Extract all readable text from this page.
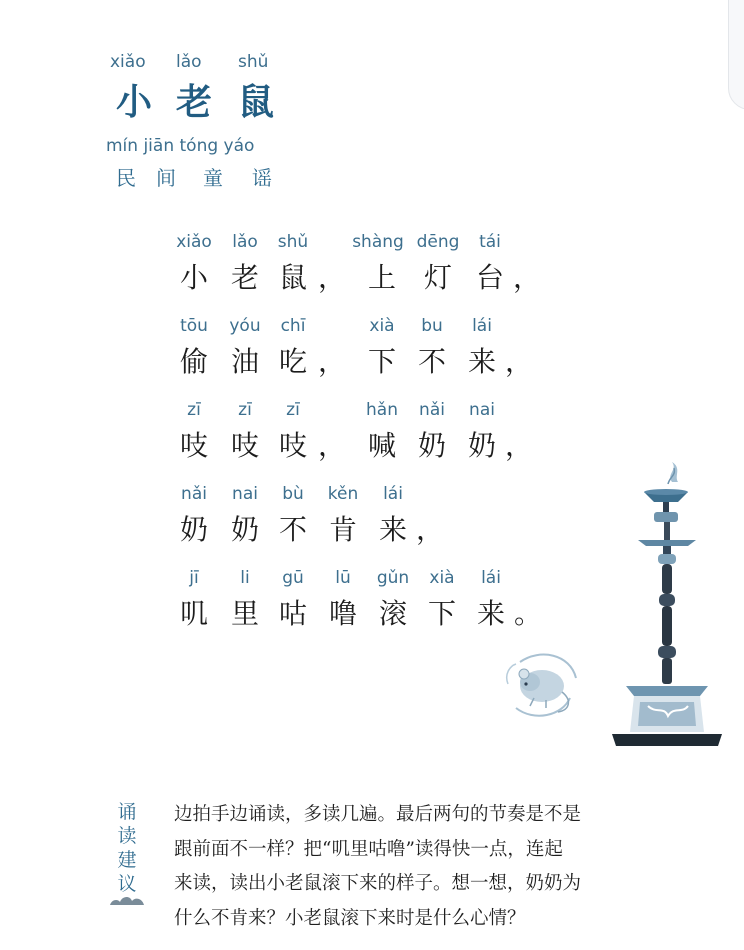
xiǎo lǎo shǔ
小 老 鼠
mín jiān tóng yáo
民 间 童 谣
xiǎo lǎo shǔ	shàng dēng tái
小 老 鼠 ， 上 灯 台 ，
tōu yóu chī	xià bu lái
偷 油 吃 ， 下 不 来 ，
zī zī zī	hǎn nǎi nai
吱 吱 吱 ， 喊 奶 奶 ，
nǎi nai bù kěn lái
奶 奶 不 肯 来 ，
jī li gū lū gǔn xià lái
叽 里 咕 噜 滚 下 来 。
诵
读
建
议
边拍手边诵读，多读几遍。最后两句的节奏是不是
跟前面不一样？把“叽里咕噜”读得快一点，连起
来读，读出小老鼠滚下来的样子。想一想，奶奶为
什么不肯来？小老鼠滚下来时是什么心情？
